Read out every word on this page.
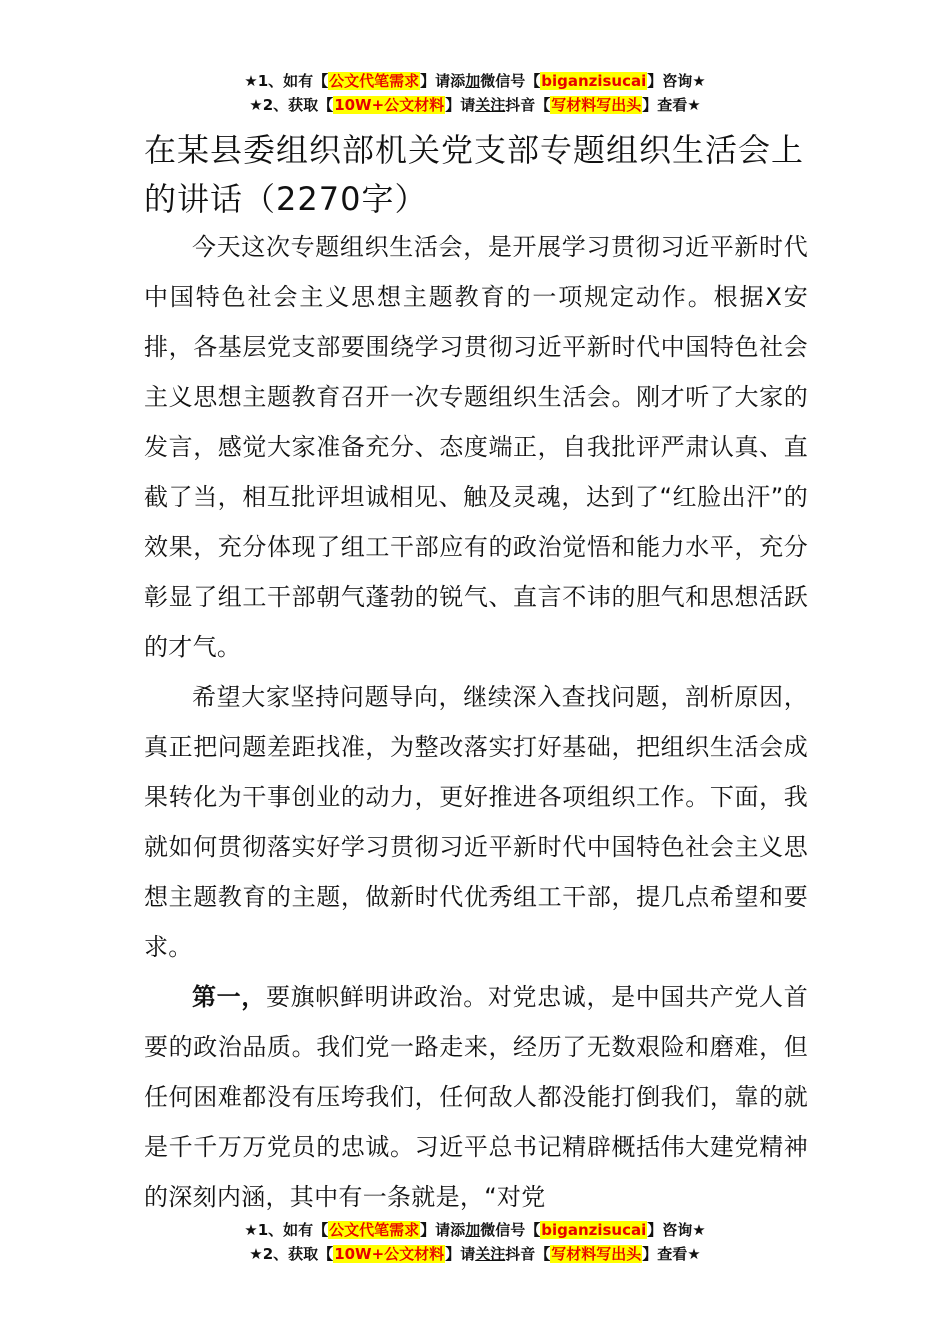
★1、如有【公文代笔需求】请添加微信号【biganzisucai】咨询★
★2、获取【10W+公文材料】请关注抖音【写材料写出头】查看★
在某县委组织部机关党支部专题组织生活会上的讲话（2270字）

今天这次专题组织生活会，是开展学习贯彻习近平新时代中国特色社会主义思想主题教育的一项规定动作。根据X安排，各基层党支部要围绕学习贯彻习近平新时代中国特色社会主义思想主题教育召开一次专题组织生活会。刚才听了大家的发言，感觉大家准备充分、态度端正，自我批评严肃认真、直截了当，相互批评坦诚相见、触及灵魂，达到了“红脸出汗”的效果，充分体现了组工干部应有的政治觉悟和能力水平，充分彰显了组工干部朝气蓬勃的锐气、直言不讳的胆气和思想活跃的才气。

希望大家坚持问题导向，继续深入查找问题，剖析原因，真正把问题差距找准，为整改落实打好基础，把组织生活会成果转化为干事创业的动力，更好推进各项组织工作。下面，我就如何贯彻落实好学习贯彻习近平新时代中国特色社会主义思想主题教育的主题，做新时代优秀组工干部，提几点希望和要求。

第一，要旗帜鲜明讲政治。对党忠诚，是中国共产党人首要的政治品质。我们党一路走来，经历了无数艰险和磨难，但任何困难都没有压垮我们，任何敌人都没能打倒我们，靠的就是千千万万党员的忠诚。习近平总书记精辟概括伟大建党精神的深刻内涵，其中有一条就是，“对党

★1、如有【公文代笔需求】请添加微信号【biganzisucai】咨询★
★2、获取【10W+公文材料】请关注抖音【写材料写出头】查看★
